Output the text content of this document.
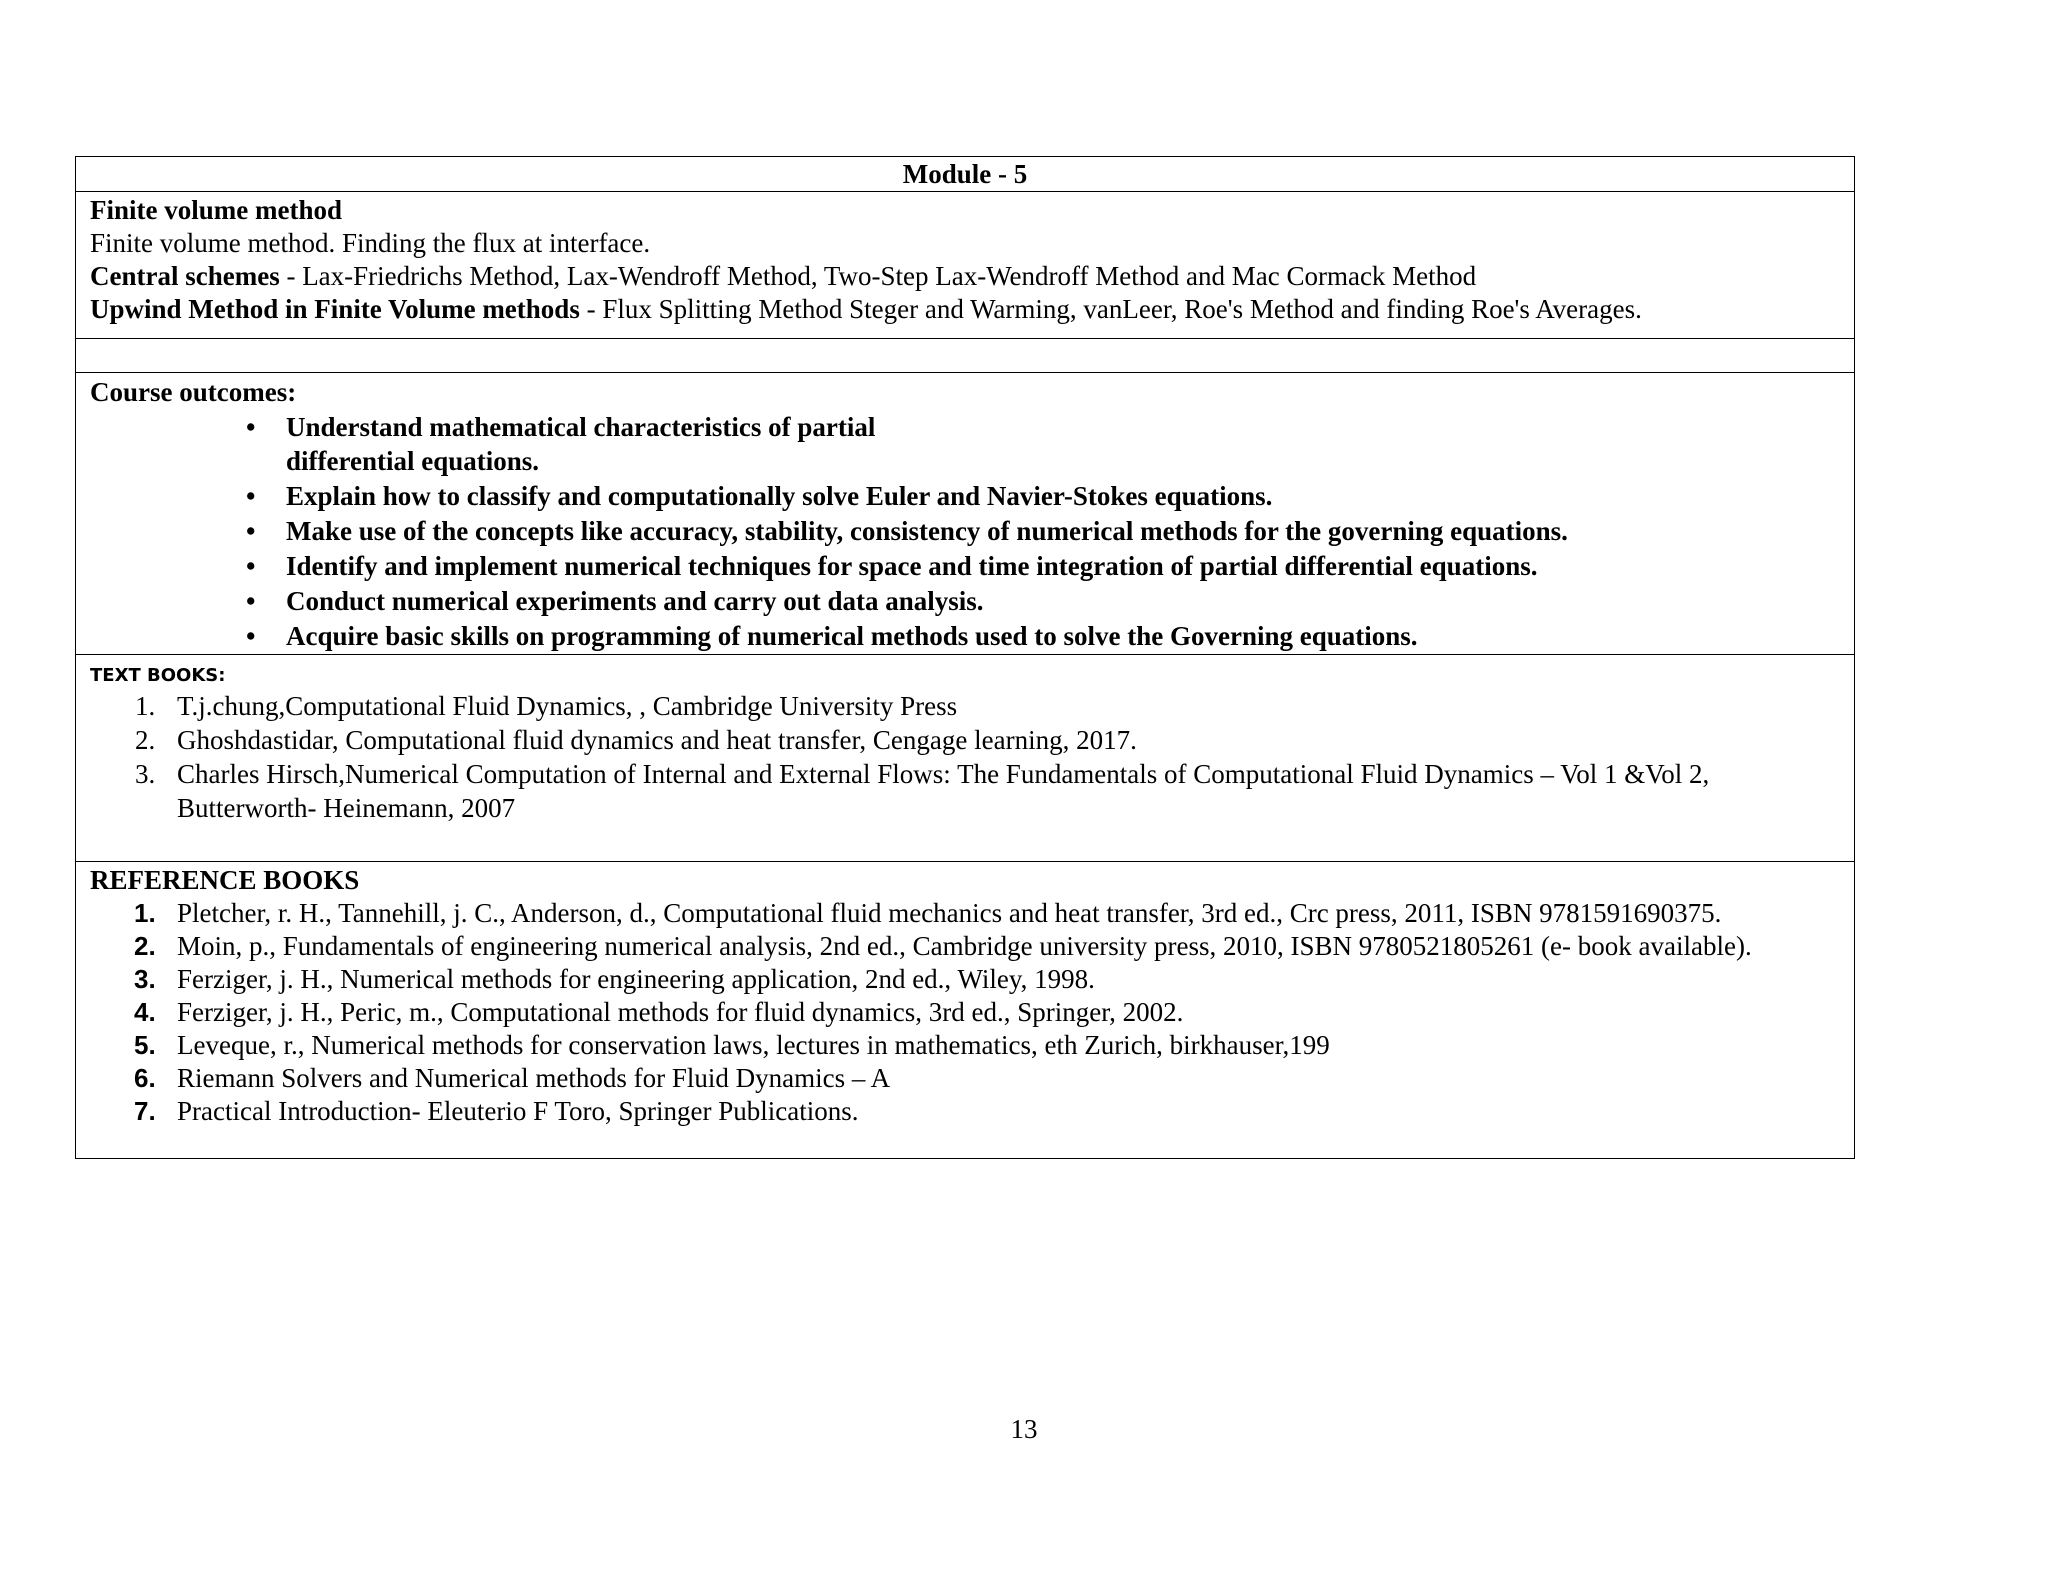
Module - 5
Finite volume method
Finite volume method. Finding the flux at interface.
Central schemes - Lax-Friedrichs Method, Lax-Wendroff Method, Two-Step Lax-Wendroff Method and Mac Cormack Method
Upwind Method in Finite Volume methods - Flux Splitting Method Steger and Warming, vanLeer, Roe's Method and finding Roe's Averages.
Course outcomes:
• Understand mathematical characteristics of partial differential equations.
• Explain how to classify and computationally solve Euler and Navier-Stokes equations.
• Make use of the concepts like accuracy, stability, consistency of numerical methods for the governing equations.
• Identify and implement numerical techniques for space and time integration of partial differential equations.
• Conduct numerical experiments and carry out data analysis.
• Acquire basic skills on programming of numerical methods used to solve the Governing equations.
TEXT BOOKS:
1. T.j.chung,Computational Fluid Dynamics, , Cambridge University Press
2. Ghoshdastidar, Computational fluid dynamics and heat transfer, Cengage learning, 2017.
3. Charles Hirsch,Numerical Computation of Internal and External Flows: The Fundamentals of Computational Fluid Dynamics – Vol 1 &Vol 2, Butterworth- Heinemann, 2007
REFERENCE BOOKS
1. Pletcher, r. H., Tannehill, j. C., Anderson, d., Computational fluid mechanics and heat transfer, 3rd ed., Crc press, 2011, ISBN 9781591690375.
2. Moin, p., Fundamentals of engineering numerical analysis, 2nd ed., Cambridge university press, 2010, ISBN 9780521805261 (e- book available).
3. Ferziger, j. H., Numerical methods for engineering application, 2nd ed., Wiley, 1998.
4. Ferziger, j. H., Peric, m., Computational methods for fluid dynamics, 3rd ed., Springer, 2002.
5. Leveque, r., Numerical methods for conservation laws, lectures in mathematics, eth Zurich, birkhauser,199
6. Riemann Solvers and Numerical methods for Fluid Dynamics – A
7. Practical Introduction- Eleuterio F Toro, Springer Publications.
13
